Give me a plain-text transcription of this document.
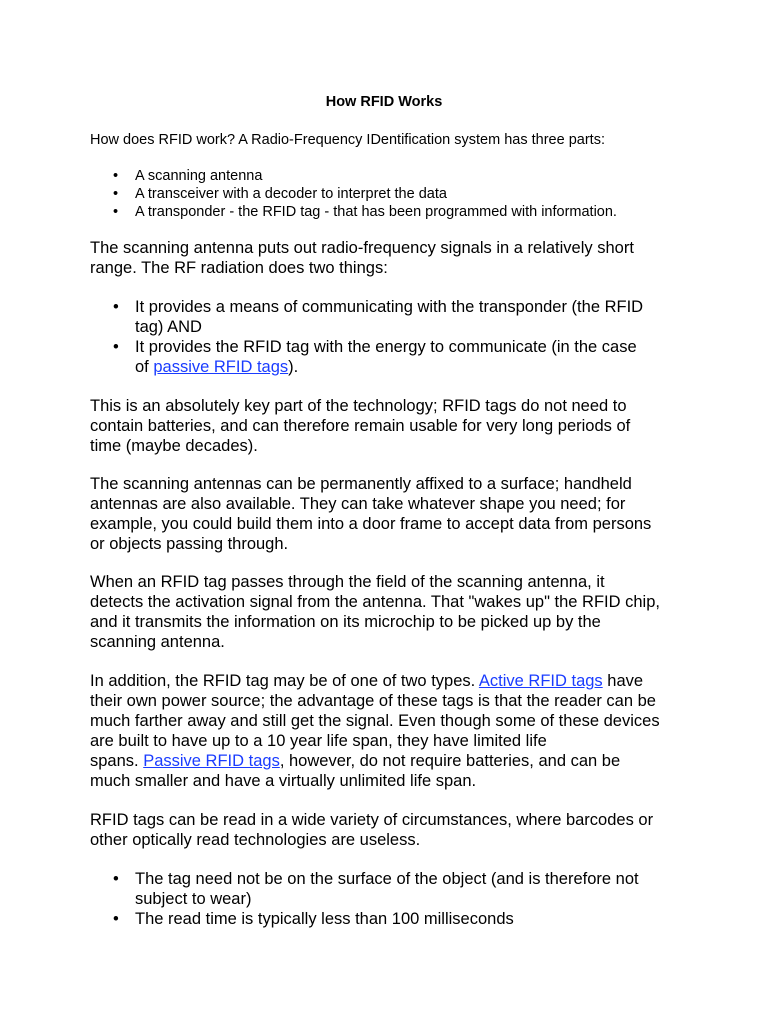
How RFID Works

How does RFID work? A Radio-Frequency IDentification system has three parts:

• A scanning antenna
• A transceiver with a decoder to interpret the data
• A transponder - the RFID tag - that has been programmed with information.
The scanning antenna puts out radio-frequency signals in a relatively short
range. The RF radiation does two things:
• It provides a means of communicating with the transponder (the RFID
tag) AND
• It provides the RFID tag with the energy to communicate (in the case
of passive RFID tags).
This is an absolutely key part of the technology; RFID tags do not need to
contain batteries, and can therefore remain usable for very long periods of
time (maybe decades).
The scanning antennas can be permanently affixed to a surface; handheld
antennas are also available. They can take whatever shape you need; for
example, you could build them into a door frame to accept data from persons
or objects passing through.
When an RFID tag passes through the field of the scanning antenna, it
detects the activation signal from the antenna. That "wakes up" the RFID chip,
and it transmits the information on its microchip to be picked up by the
scanning antenna.
In addition, the RFID tag may be of one of two types. Active RFID tags have
their own power source; the advantage of these tags is that the reader can be
much farther away and still get the signal. Even though some of these devices
are built to have up to a 10 year life span, they have limited life
spans. Passive RFID tags, however, do not require batteries, and can be
much smaller and have a virtually unlimited life span.
RFID tags can be read in a wide variety of circumstances, where barcodes or
other optically read technologies are useless.
• The tag need not be on the surface of the object (and is therefore not
subject to wear)
• The read time is typically less than 100 milliseconds
